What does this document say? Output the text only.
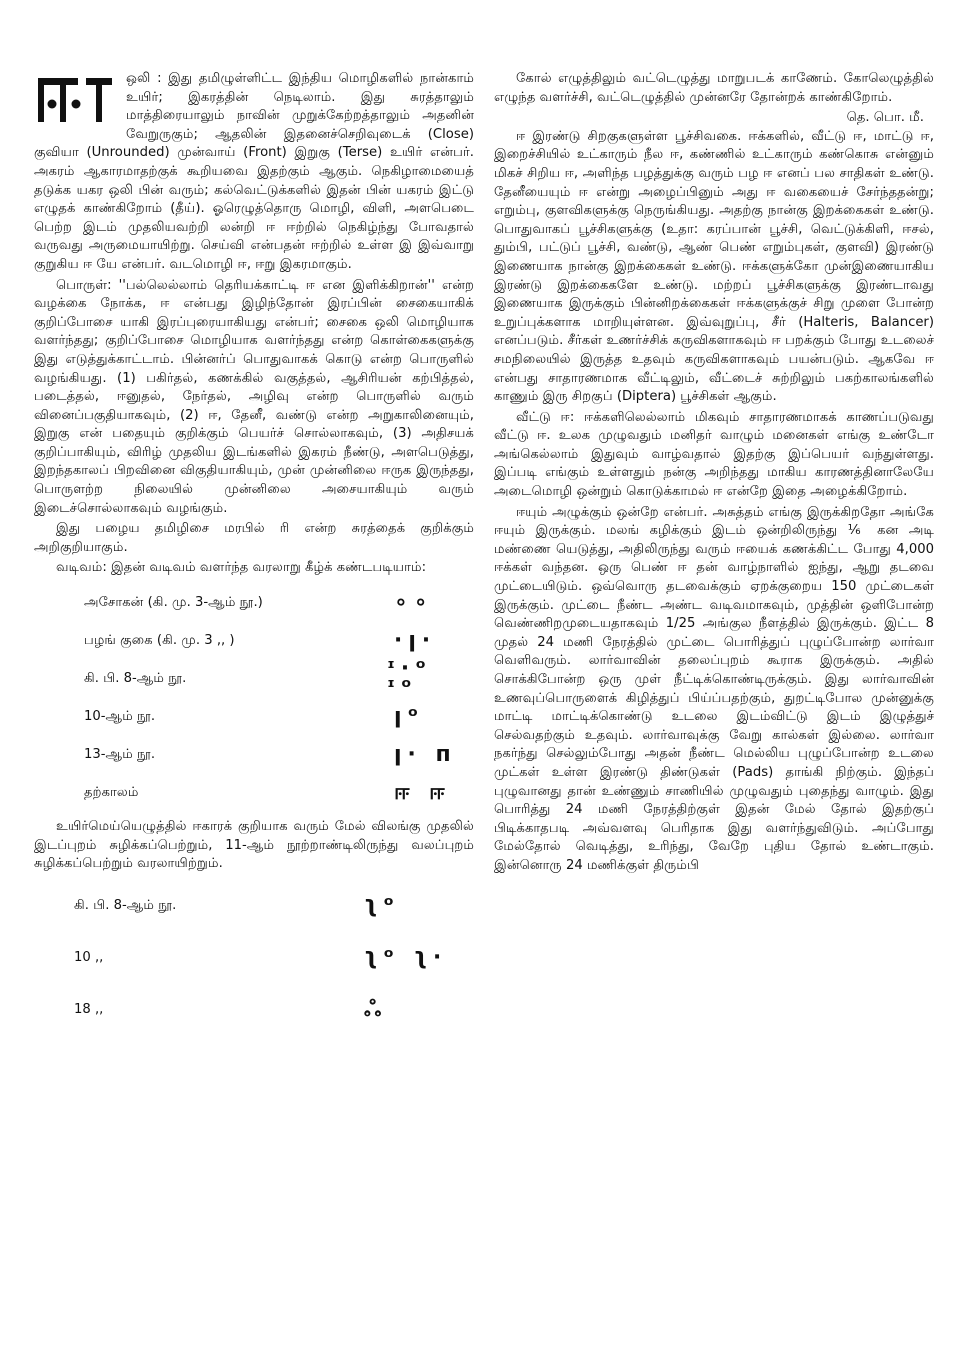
ஒலி : இது தமிழுள்ளிட்ட இந்திய மொழிகளில் நான்காம் உயிர்; இகரத்தின் நெடிலாம். இது சுரத்தாலும் மாத்திரையாலும் நாவின் முறுக்கேற்றத்தாலும் அதனின் வேறுருகும்; ஆதலின் இதனைச்செறிவுடைக் (Close) குவியா (Unrounded) முன்வாய் (Front) இறுகு (Terse) உயிர் என்பர். அகரம் ஆகாரமாதற்குக் கூறியவை இதற்கும் ஆகும். நெகிழாமையைத் தடுக்க யகர ஒலி பின் வரும்; கல்வெட்டுக்களில் இதன் பின் யகரம் இட்டு எழுதக் காண்கிறோம் (தீய்). ஓரெழுத்தொரு மொழி, விளி, அளபெடை பெற்ற இடம் முதலியவற்றி லன்றி ஈ ஈற்றில் நெகிழ்ந்து போவதால் வருவது அருமையாயிற்று. செய்வி என்பதன் ஈற்றில் உள்ள இ இவ்வாறு குறுகிய ஈ யே என்பர். வடமொழி ஈ, ஈறு இகரமாகும்.

பொருள்: ''பல்லெல்லாம் தெரியக்காட்டி ஈ என இளிக்கிறான்'' என்ற வழக்கை நோக்க, ஈ என்பது இழிந்தோன் இரப்பின் சைகையாகிக் குறிப்போசை யாகி இரப்புரையாகியது என்பர்; சைகை ஒலி மொழியாக வளர்ந்தது; குறிப்போசை மொழியாக வளர்ந்தது என்ற கொள்கைகளுக்கு இது எடுத்துக்காட்டாம். பின்னர்ப் பொதுவாகக் கொடு என்ற பொருளில் வழங்கியது. (1) பகிர்தல், கணக்கில் வகுத்தல், ஆசிரியன் கற்பித்தல், படைத்தல், ஈனுதல், நேர்தல், அழிவு என்ற பொருளில் வரும் வினைப்பகுதியாகவும், (2) ஈ, தேனீ, வண்டு என்ற அறுகாலினையும், இறுகு என் பதையும் குறிக்கும் பெயர்ச் சொல்லாகவும், (3) அதிசயக் குறிப்பாகியும், விரிழ் முதலிய இடங்களில் இகரம் நீண்டு, அளபெடுத்து, இறந்தகாலப் பிறவினை விகுதியாகியும், முன் முன்னிலை ஈருக இருந்தது, பொருளற்ற நிலையில் முன்னிலை அசையாகியும் வரும் இடைச்சொல்லாகவும் வழங்கும்.

இது பழைய தமிழிசை மரபில் ரி என்ற சுரத்தைக் குறிக்கும் அறிகுறியாகும்.

வடிவம்: இதன் வடிவம் வளர்ந்த வரலாறு கீழ்க் கண்டபடியாம்:

அசோகன் (கி. மு. 3-ஆம் நூ.)	∘∘
பழங் குகை (கி. மு. 3 ,, )	⋅ꞁ⋅
கி. பி. 8-ஆம் நூ.	ᶦ⋅ᵒ ᶦᵒ
10-ஆம் நூ.	ꞁᵒ
13-ஆம் நூ.	ꞁ⋅ ᴨ
தற்காலம்	ஈ ஈ

உயிர்மெய்யெழுத்தில் ஈகாரக் குறியாக வரும் மேல் விலங்கு முதலில் இடப்புறம் சுழிக்கப்பெற்றும், 11-ஆம் நூற்றாண்டிலிருந்து வலப்புறம் சுழிக்கப்பெற்றும் வரலாயிற்றும்.

கி. பி. 8-ஆம் நூ.	ʅᵒ
10 ,,	ʅᵒ ʅ⋅
18 ,,	ஃ

கோல் எழுத்திலும் வட்டெழுத்து மாறுபடக் காணேம். கோலெழுத்தில் எழுந்த வளர்ச்சி, வட்டெழுத்தில் முன்னரே தோன்றக் காண்கிறோம்.

தெ. பொ. மீ.

ஈ இரண்டு சிறகுகளுள்ள பூச்சிவகை. ஈக்களில், வீட்டு ஈ, மாட்டு ஈ, இறைச்சியில் உட்காரும் நீல ஈ, கண்ணில் உட்காரும் கண்கொசு என்னும் மிகச் சிறிய ஈ, அளிந்த பழத்துக்கு வரும் பழ ஈ எனப் பல சாதிகள் உண்டு. தேனீயையும் ஈ என்று அழைப்பினும் அது ஈ வகையைச் சேர்ந்ததன்று; எறும்பு, குளவிகளுக்கு நெருங்கியது. அதற்கு நான்கு இறக்கைகள் உண்டு. பொதுவாகப் பூச்சிகளுக்கு (உதா: கரப்பான் பூச்சி, வெட்டுக்கிளி, ஈசல், தும்பி, பட்டுப் பூச்சி, வண்டு, ஆண் பெண் எறும்புகள், குளவி) இரண்டு இணையாக நான்கு இறக்கைகள் உண்டு. ஈக்களுக்கோ முன்இணையாகிய இரண்டு இறக்கைகளே உண்டு. மற்றப் பூச்சிகளுக்கு இரண்டாவது இணையாக இருக்கும் பின்னிறக்கைகள் ஈக்களுக்குச் சிறு முளை போன்ற உறுப்புக்களாக மாறியுள்ளன. இவ்வுறுப்பு, சீர் (Halteris, Balancer) எனப்படும். சீர்கள் உணர்ச்சிக் கருவிகளாகவும் ஈ பறக்கும் போது உடலைச் சமநிலையில் இருத்த உதவும் கருவிகளாகவும் பயன்படும். ஆகவே ஈ என்பது சாதாரணமாக வீட்டிலும், வீட்டைச் சுற்றிலும் பகற்காலங்களில் காணும் இரு சிறகுப் (Diptera) பூச்சிகள் ஆகும்.

வீட்டு ஈ: ஈக்களிலெல்லாம் மிகவும் சாதாரணமாகக் காணப்படுவது வீட்டு ஈ. உலக முழுவதும் மனிதர் வாழும் மனைகள் எங்கு உண்டோ அங்கெல்லாம் இதுவும் வாழ்வதால் இதற்கு இப்பெயர் வந்துள்ளது. இப்படி எங்கும் உள்ளதும் நன்கு அறிந்தது மாகிய காரணத்தினாலேயே அடைமொழி ஒன்றும் கொடுக்காமல் ஈ என்றே இதை அழைக்கிறோம்.

ஈயும் அழுக்கும் ஒன்றே என்பர். அசுத்தம் எங்கு இருக்கிறதோ அங்கே ஈயும் இருக்கும். மலங் கழிக்கும் இடம் ஒன்றிலிருந்து ⅙ கன அடி மண்ணை யெடுத்து, அதிலிருந்து வரும் ஈயைக் கணக்கிட்ட போது 4,000 ஈக்கள் வந்தன. ஒரு பெண் ஈ தன் வாழ்நாளில் ஐந்து, ஆறு தடவை முட்டையிடும். ஒவ்வொரு தடவைக்கும் ஏறக்குறைய 150 முட்டைகள் இருக்கும். முட்டை நீண்ட அண்ட வடிவமாகவும், முத்தின் ஒளிபோன்ற வெண்ணிறமுடையதாகவும் 1/25 அங்குல நீளத்தில் இருக்கும். இட்ட 8 முதல் 24 மணி நேரத்தில் முட்டை பொரித்துப் புழுப்போன்ற லார்வா வெளிவரும். லார்வாவின் தலைப்புறம் கூராக இருக்கும். அதில் சொக்கிபோன்ற ஒரு முள் நீட்டிக்கொண்டிருக்கும். இது லார்வாவின் உணவுப்பொருளைக் கிழித்துப் பிய்ப்பதற்கும், துறட்டிபோல முன்னுக்கு மாட்டி மாட்டிக்கொண்டு உடலை இடம்விட்டு இடம் இழுத்துச் செல்வதற்கும் உதவும். லார்வாவுக்கு வேறு கால்கள் இல்லை. லார்வா நகர்ந்து செல்லும்போது அதன் நீண்ட மெல்லிய புழுப்போன்ற உடலை முட்கள் உள்ள இரண்டு திண்டுகள் (Pads) தாங்கி நிற்கும். இந்தப் புழுவானது தான் உண்ணும் சாணியில் முழுவதும் புதைந்து வாழும். இது பொரித்து 24 மணி நேரத்திற்குள் இதன் மேல் தோல் இதற்குப் பிடிக்காதபடி அவ்வளவு பெரிதாக இது வளர்ந்துவிடும். அப்போது மேல்தோல் வெடித்து, உரிந்து, வேறே புதிய தோல் உண்டாகும். இன்னொரு 24 மணிக்குள் திரும்பி
